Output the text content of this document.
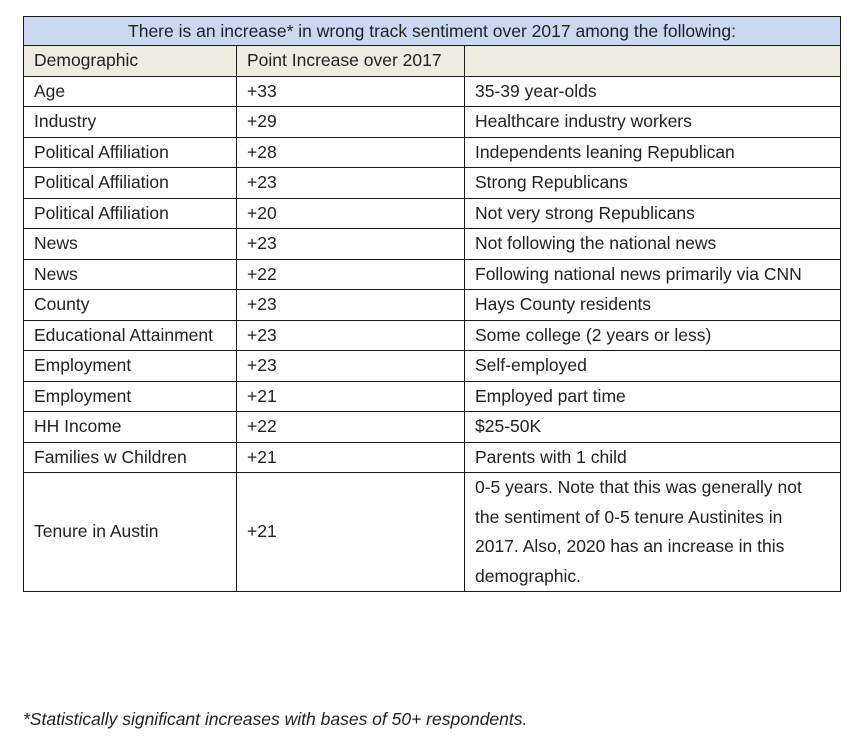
There is an increase* in wrong track sentiment over 2017 among the following:		
Demographic	Point Increase over 2017	
Age	+33	35-39 year-olds
Industry	+29	Healthcare industry workers
Political Affiliation	+28	Independents leaning Republican
Political Affiliation	+23	Strong Republicans
Political Affiliation	+20	Not very strong Republicans
News	+23	Not following the national news
News	+22	Following national news primarily via CNN
County	+23	Hays County residents
Educational Attainment	+23	Some college (2 years or less)
Employment	+23	Self-employed
Employment	+21	Employed part time
HH Income	+22	$25-50K
Families w Children	+21	Parents with 1 child
Tenure in Austin	+21	0-5 years. Note that this was generally not the sentiment of 0-5 tenure Austinites in 2017. Also, 2020 has an increase in this demographic.
*Statistically significant increases with bases of 50+ respondents.
